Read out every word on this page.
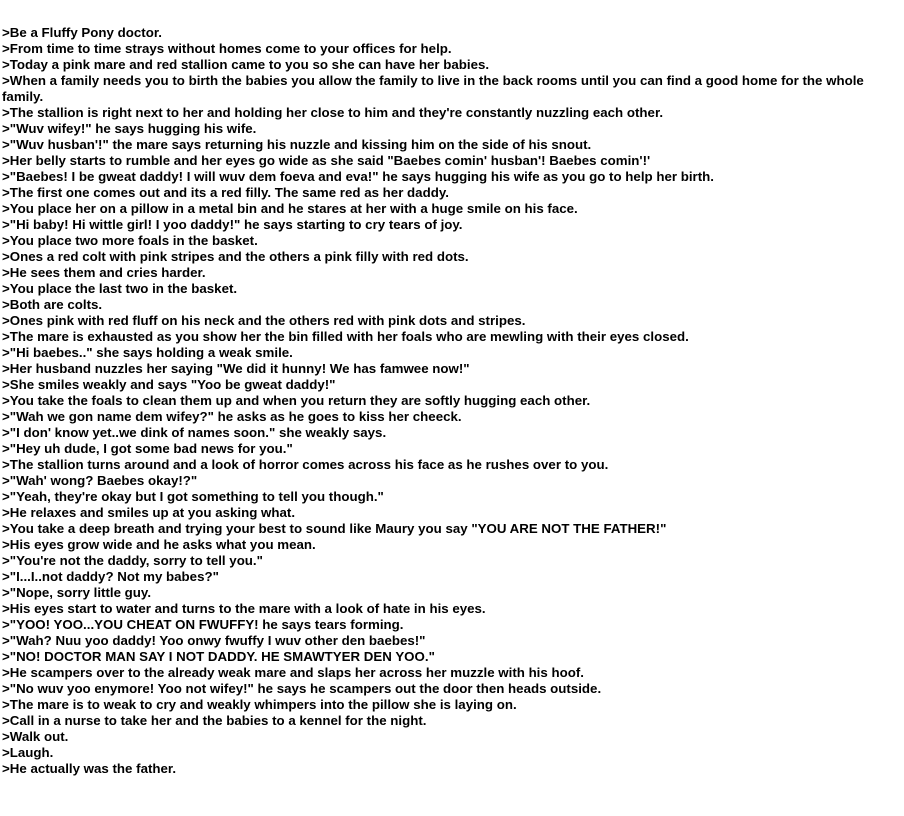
>Be a Fluffy Pony doctor.
>From time to time strays without homes come to your offices for help.
>Today a pink mare and red stallion came to you so she can have her babies.
>When a family needs you to birth the babies you allow the family to live in the back rooms until you can find a good home for the whole family.
>The stallion is right next to her and holding her close to him and they're constantly nuzzling each other.
>"Wuv wifey!" he says hugging his wife.
>"Wuv husban'!" the mare says returning his nuzzle and kissing him on the side of his snout.
>Her belly starts to rumble and her eyes go wide as she said "Baebes comin' husban'! Baebes comin'!'
>"Baebes! I be gweat daddy! I will wuv dem foeva and eva!" he says hugging his wife as you go to help her birth.
>The first one comes out and its a red filly. The same red as her daddy.
>You place her on a pillow in a metal bin and he stares at her with a huge smile on his face.
>"Hi baby! Hi wittle girl! I yoo daddy!" he says starting to cry tears of joy.
>You place two more foals in the basket.
>Ones a red colt with pink stripes and the others a pink filly with red dots.
>He sees them and cries harder.
>You place the last two in the basket.
>Both are colts.
>Ones pink with red fluff on his neck and the others red with pink dots and stripes.
>The mare is exhausted as you show her the bin filled with her foals who are mewling with their eyes closed.
>"Hi baebes.." she says holding a weak smile.
>Her husband nuzzles her saying "We did it hunny! We has famwee now!"
>She smiles weakly and says "Yoo be gweat daddy!"
>You take the foals to clean them up and when you return they are softly hugging each other.
>"Wah we gon name dem wifey?" he asks as he goes to kiss her cheeck.
>"I don' know yet..we dink of names soon." she weakly says.
>"Hey uh dude, I got some bad news for you."
>The stallion turns around and a look of horror comes across his face as he rushes over to you.
>"Wah' wong? Baebes okay!?"
>"Yeah, they're okay but I got something to tell you though."
>He relaxes and smiles up at you asking what.
>You take a deep breath and trying your best to sound like Maury you say "YOU ARE NOT THE FATHER!"
>His eyes grow wide and he asks what you mean.
>"You're not the daddy, sorry to tell you."
>"I...I..not daddy? Not my babes?"
>"Nope, sorry little guy.
>His eyes start to water and turns to the mare with a look of hate in his eyes.
>"YOO! YOO...YOU CHEAT ON FWUFFY! he says tears forming.
>"Wah? Nuu yoo daddy! Yoo onwy fwuffy I wuv other den baebes!"
>"NO! DOCTOR MAN SAY I NOT DADDY. HE SMAWTYER DEN YOO."
>He scampers over to the already weak mare and slaps her across her muzzle with his hoof.
>"No wuv yoo enymore! Yoo not wifey!" he says he scampers out the door then heads outside.
>The mare is to weak to cry and weakly whimpers into the pillow she is laying on.
>Call in a nurse to take her and the babies to a kennel for the night.
>Walk out.
>Laugh.
>He actually was the father.
